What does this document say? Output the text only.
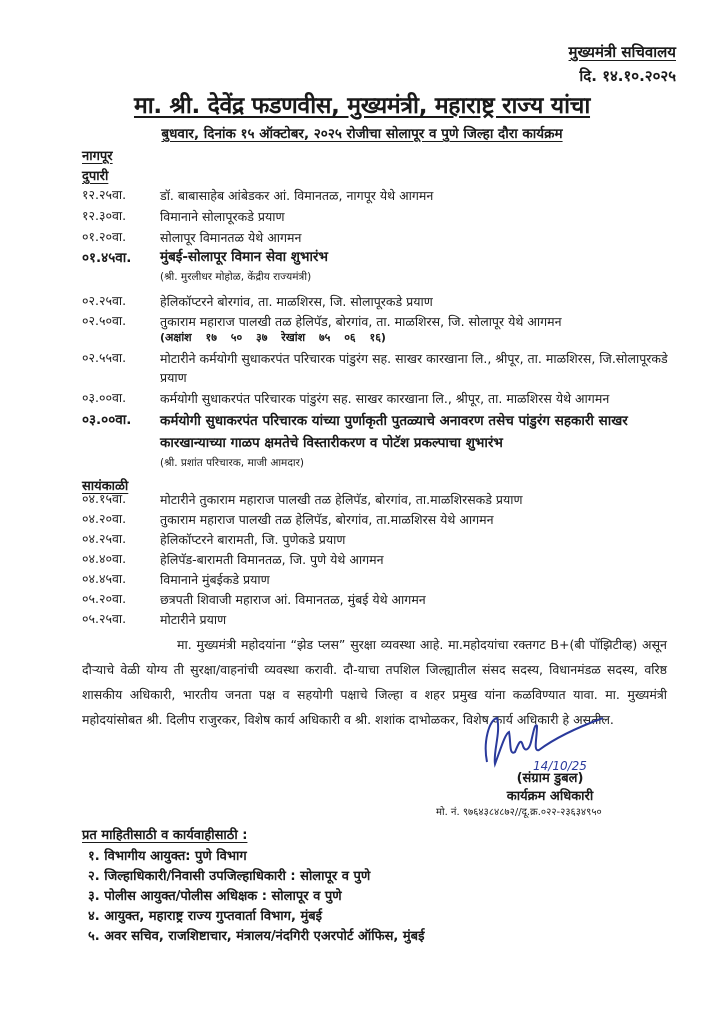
मुख्यमंत्री सचिवालय
दि. १४.१०.२०२५
मा. श्री. देवेंद्र फडणवीस, मुख्यमंत्री, महाराष्ट्र राज्य यांचा
बुधवार, दिनांक १५ ऑक्टोबर, २०२५ रोजीचा सोलापूर व पुणे जिल्हा दौरा कार्यक्रम
नागपूर
दुपारी
१२.२५वा.	डॉ. बाबासाहेब आंबेडकर आं. विमानतळ, नागपूर येथे आगमन
१२.३०वा.	विमानाने सोलापूरकडे प्रयाण
०१.२०वा.	सोलापूर विमानतळ येथे आगमन
०१.४५वा.	मुंबई-सोलापूर विमान सेवा शुभारंभ
(श्री. मुरलीधर मोहोळ, केंद्रीय राज्यमंत्री)
०२.२५वा.	हेलिकॉप्टरने बोरगांव, ता. माळशिरस, जि. सोलापूरकडे प्रयाण
०२.५०वा.	तुकाराम महाराज पालखी तळ हेलिपॅड, बोरगांव, ता. माळशिरस, जि. सोलापूर येथे आगमन
(अक्षांश १७ ५० ३७ रेखांश ७५ ०६ १६)
०२.५५वा.	मोटारीने कर्मयोगी सुधाकरपंत परिचारक पांडुरंग सह. साखर कारखाना लि., श्रीपूर, ता. माळशिरस, जि.सोलापूरकडे प्रयाण
०३.००वा.	कर्मयोगी सुधाकरपंत परिचारक पांडुरंग सह. साखर कारखाना लि., श्रीपूर, ता. माळशिरस येथे आगमन
०३.००वा.	कर्मयोगी सुधाकरपंत परिचारक यांच्या पुर्णाकृती पुतळ्याचे अनावरण तसेच पांडुरंग सहकारी साखर कारखान्याच्या गाळप क्षमतेचे विस्तारीकरण व पोटॅश प्रकल्पाचा शुभारंभ
(श्री. प्रशांत परिचारक, माजी आमदार)
सायंकाळी
०४.१५वा.	मोटारीने तुकाराम महाराज पालखी तळ हेलिपॅड, बोरगांव, ता.माळशिरसकडे प्रयाण
०४.२०वा.	तुकाराम महाराज पालखी तळ हेलिपॅड, बोरगांव, ता.माळशिरस येथे आगमन
०४.२५वा.	हेलिकॉप्टरने बारामती, जि. पुणेकडे प्रयाण
०४.४०वा.	हेलिपॅड-बारामती विमानतळ, जि. पुणे येथे आगमन
०४.४५वा.	विमानाने मुंबईकडे प्रयाण
०५.२०वा.	छत्रपती शिवाजी महाराज आं. विमानतळ, मुंबई येथे आगमन
०५.२५वा.	मोटारीने प्रयाण
मा. मुख्यमंत्री महोदयांना “झेड प्लस” सुरक्षा व्यवस्था आहे. मा.महोदयांचा रक्तगट B+(बी पॉझिटीव्ह) असून दौऱ्याचे वेळी योग्य ती सुरक्षा/वाहनांची व्यवस्था करावी. दौ-याचा तपशिल जिल्ह्यातील संसद सदस्य, विधानमंडळ सदस्य, वरिष्ठ शासकीय अधिकारी, भारतीय जनता पक्ष व सहयोगी पक्षाचे जिल्हा व शहर प्रमुख यांना कळविण्यात यावा. मा. मुख्यमंत्री महोदयांसोबत श्री. दिलीप राजुरकर, विशेष कार्य अधिकारी व श्री. शशांक दाभोळकर, विशेष कार्य अधिकारी हे असतील.
14/10/25
(संग्राम डुबल)
कार्यक्रम अधिकारी
मो. नं. ९७६४३८४८७२//दू.क्र.०२२-२३६३४९५०
प्रत माहितीसाठी व कार्यवाहीसाठी :
१. विभागीय आयुक्त: पुणे विभाग
२. जिल्हाधिकारी/निवासी उपजिल्हाधिकारी : सोलापूर व पुणे
३. पोलीस आयुक्त/पोलीस अधिक्षक : सोलापूर व पुणे
४. आयुक्त, महाराष्ट्र राज्य गुप्तवार्ता विभाग, मुंबई
५. अवर सचिव, राजशिष्टाचार, मंत्रालय/नंदगिरी एअरपोर्ट ऑफिस, मुंबई
